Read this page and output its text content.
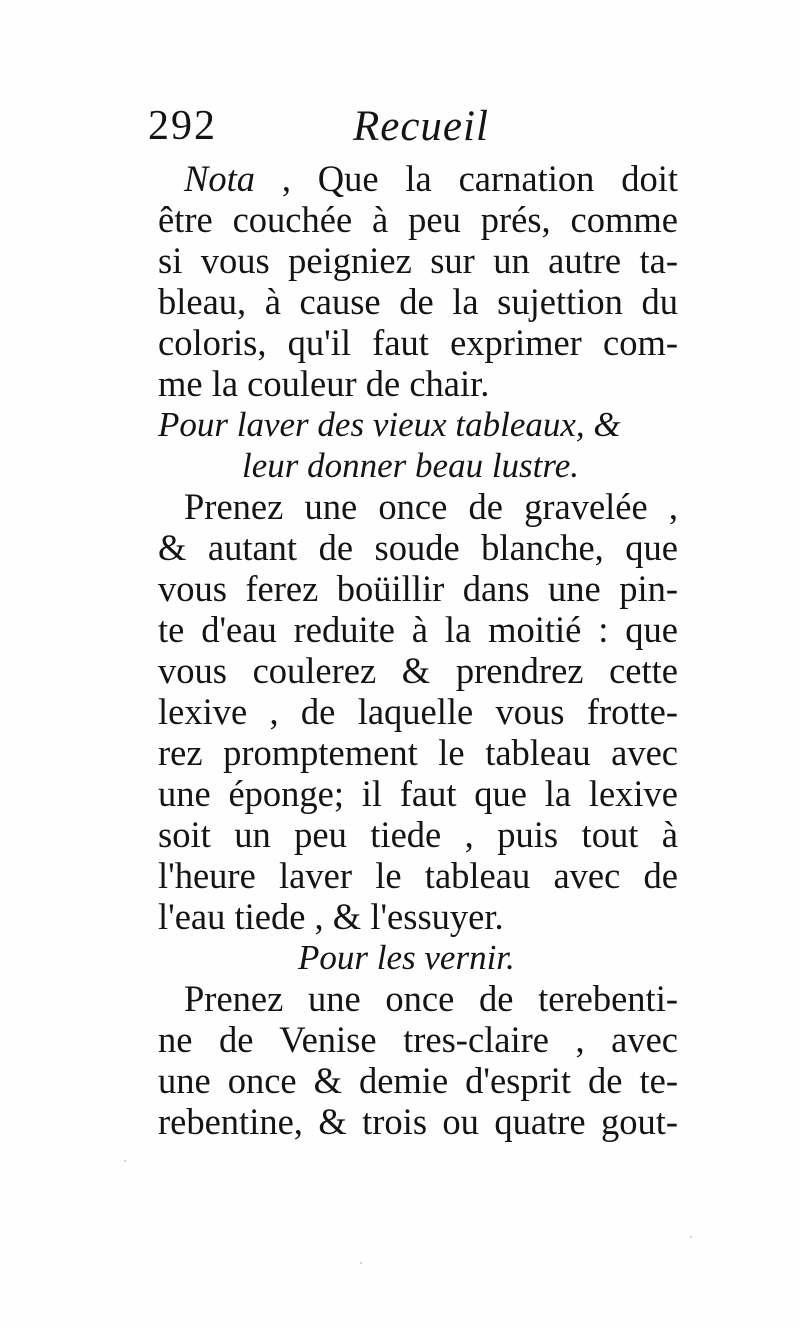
292	Recueil
Nota , Que la carnation doit
être couchée à peu prés, comme
si vous peigniez sur un autre ta-
bleau, à cause de la sujettion du
coloris, qu'il faut exprimer com-
me la couleur de chair.
Pour laver des vieux tableaux, &
leur donner beau lustre.
Prenez une once de gravelée ,
& autant de soude blanche, que
vous ferez boüillir dans une pin-
te d'eau reduite à la moitié : que
vous coulerez & prendrez cette
lexive , de laquelle vous frotte-
rez promptement le tableau avec
une éponge; il faut que la lexive
soit un peu tiede , puis tout à
l'heure laver le tableau avec de
l'eau tiede , & l'essuyer.
Pour les vernir.
Prenez une once de terebenti-
ne de Venise tres-claire , avec
une once & demie d'esprit de te-
rebentine, & trois ou quatre gout-
